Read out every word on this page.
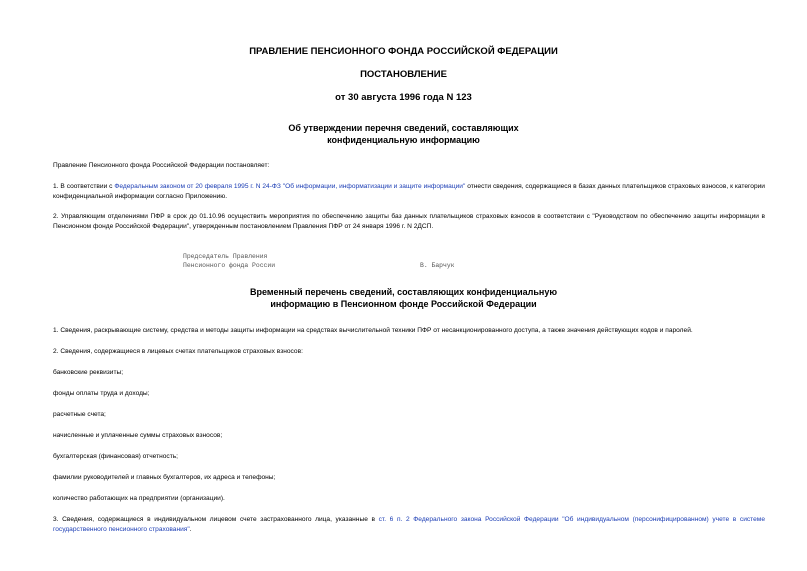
ПРАВЛЕНИЕ ПЕНСИОННОГО ФОНДА РОССИЙСКОЙ ФЕДЕРАЦИИ
ПОСТАНОВЛЕНИЕ
от 30 августа 1996 года N 123
Об утверждении перечня сведений, составляющих
конфиденциальную информацию
Правление Пенсионного фонда Российской Федерации постановляет:
1. В соответствии с Федеральным законом от 20 февраля 1995 г. N 24-ФЗ "Об информации, информатизации и защите информации" отнести сведения, содержащиеся в базах данных плательщиков страховых взносов, к категории конфиденциальной информации согласно Приложению.
2. Управляющим отделениями ПФР в срок до 01.10.96 осуществить мероприятия по обеспечению защиты баз данных плательщиков страховых взносов в соответствии с "Руководством по обеспечению защиты информации в Пенсионном фонде Российской Федерации", утвержденным постановлением Правления ПФР от 24 января 1996 г. N 2ДСП.
Председатель Правления
Пенсионного фонда России	В. Барчук
Временный перечень сведений, составляющих конфиденциальную
информацию в Пенсионном фонде Российской Федерации
1. Сведения, раскрывающие систему, средства и методы защиты информации на средствах вычислительной техники ПФР от несанкционированного доступа, а также значения действующих кодов и паролей.
2. Сведения, содержащиеся в лицевых счетах плательщиков страховых взносов:
банковские реквизиты;
фонды оплаты труда и доходы;
расчетные счета;
начисленные и уплаченные суммы страховых взносов;
бухгалтерская (финансовая) отчетность;
фамилии руководителей и главных бухгалтеров, их адреса и телефоны;
количество работающих на предприятии (организации).
3. Сведения, содержащиеся в индивидуальном лицевом счете застрахованного лица, указанные в ст. 6 п. 2 Федерального закона Российской Федерации "Об индивидуальном (персонифицированном) учете в системе государственного пенсионного страхования".
